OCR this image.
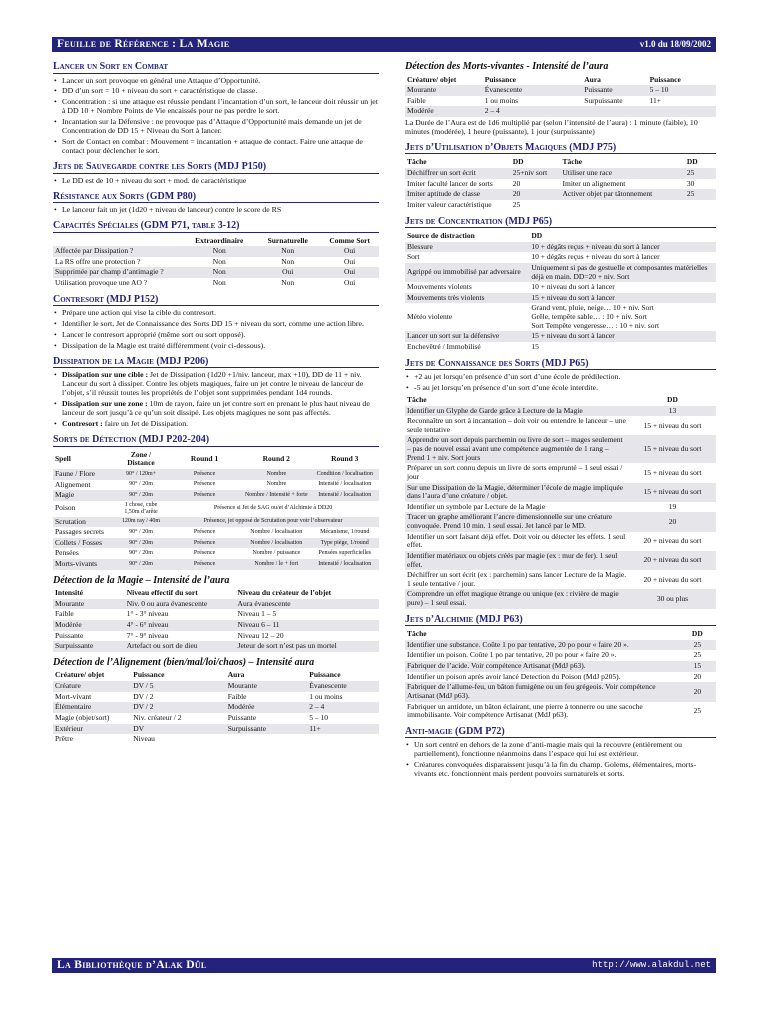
Feuille de Référence : La Magie	v1.0 du 18/09/2002
Lancer un Sort en Combat
• Lancer un sort provoque en général une Attaque d’Opportunité.
• DD d’un sort = 10 + niveau du sort + caractéristique de classe.
• Concentration : si une attaque est réussie pendant l’incantation d’un sort, le lanceur doit réussir un jet à DD 10 + Nombre Points de Vie encaissés pour ne pas perdre le sort.
• Incantation sur la Défensive : ne provoque pas d’Attaque d’Opportunité mais demande un jet de Concentration de DD 15 + Niveau du Sort à lancer.
• Sort de Contact en combat : Mouvement = incantation + attaque de contact. Faire une attaque de contact pour déclencher le sort.
Jets de Sauvegarde contre les Sorts (MDJ P150)
• Le DD est de 10 + niveau du sort + mod. de caractéristique
Résistance aux Sorts (GDM P80)
• Le lanceur fait un jet (1d20 + niveau de lanceur) contre le score de RS
Capacités Spéciales (GDM P71, table 3-12)
	Extraordinaire	Surnaturelle	Comme Sort
Affectée par Dissipation ?	Non	Non	Oui
La RS offre une protection ?	Non	Non	Oui
Supprimée par champ d’antimagie ?	Non	Oui	Oui
Utilisation provoque une AO ?	Non	Non	Oui
Contresort (MDJ P152)
• Prépare une action qui vise la cible du contresort.
• Identifier le sort, Jet de Connaissance des Sorts DD 15 + niveau du sort, comme une action libre.
• Lancer le contresort approprié (même sort ou sort opposé).
• Dissipation de la Magie est traité différemment (voir ci-dessous).
Dissipation de la Magie (MDJ P206)
• Dissipation sur une cible : Jet de Dissipation (1d20 +1/niv. lanceur, max +10), DD de 11 + niv. Lanceur du sort à dissiper. Contre les objets magiques, faire un jet contre le niveau de lanceur de l’objet, s’il réussit toutes les propriétés de l’objet sont supprimées pendant 1d4 rounds.
• Dissipation sur une zone : 10m de rayon, faire un jet contre sort en prenant le plus haut niveau de lanceur de sort jusqu’à ce qu’un soit dissipé. Les objets magiques ne sont pas affectés.
• Contresort : faire un Jet de Dissipation.
Sorts de Détection (MDJ P202-204)
Spell	Zone / Distance	Round 1	Round 2	Round 3
Faune / Flore	90° / 120m+	Présence	Nombre	Condition / localisation
Alignement	90° / 20m	Présence	Nombre	Intensité / localisation
Magie	90° / 20m	Présence	Nombre / Intensité + forte	Intensité / localisation
Poison	1 chose, cube 1,50m d’arête	Présence si Jet de SAG ou/et d’Alchimie à DD20		
Scrutation	120m ray / 40m	Présence, jet opposé de Scrutation pour voir l’observateur		
Passages secrets	90° / 20m	Présence	Nombre / localisation	Mécanisme, 1/round
Collets / Fosses	90° / 20m	Présence	Nombre / localisation	Type piège, 1/round
Pensées	90° / 20m	Présence	Nombre / puissance	Pensées superficielles
Morts-vivants	90° / 20m	Présence	Nombre / le + fort	Intensité / localisation
Détection de la Magie – Intensité de l’aura
Intensité	Niveau effectif du sort	Niveau du créateur de l’objet
Mourante	Niv. 0 ou aura évanescente	Aura évanescente
Faible	1° - 3° niveau	Niveau 1 – 5
Modérée	4° - 6° niveau	Niveau 6 – 11
Puissante	7° - 9° niveau	Niveau 12 – 20
Surpuissante	Artefact ou sort de dieu	Jeteur de sort n’est pas un mortel
Détection de l’Alignement (bien/mal/loi/chaos) – Intensité aura
Créature/ objet	Puissance	Aura	Puissance
Créature	DV / 5	Mourante	Évanescente
Mort-vivant	DV / 2	Faible	1 ou moins
Élémentaire	DV / 2	Modérée	2 – 4
Magie (objet/sort)	Niv. créateur / 2	Puissante	5 – 10
Extérieur	DV	Surpuissante	11+
Prêtre	Niveau		
Détection des Morts-vivantes - Intensité de l’aura
Créature/ objet	Puissance	Aura	Puissance
Mourante	Évanescente	Puissante	5 – 10
Faible	1 ou moins	Surpuissante	11+
Modérée	2 – 4		

La Durée de l’Aura est de 1d6 multiplié par (selon l’intensité de l’aura) : 1 minute (faible), 10 minutes (modérée), 1 heure (puissante), 1 jour (surpuissante)

Jets d’Utilisation d’Objets Magiques (MDJ P75)
Tâche	DD	Tâche	DD
Déchiffrer un sort écrit	25+niv sort	Utiliser une race	25
Imiter faculté lancer de sorts	20	Imiter un alignement	30
Imiter aptitude de classe	20	Activer objet par tâtonnement	25
Imiter valeur caractéristique	25		
Jets de Concentration (MDJ P65)
Source de distraction	DD
Blessure	10 + dégâts reçus + niveau du sort à lancer
Sort	10 + dégâts reçus + niveau du sort à lancer
Agrippé ou immobilisé par adversaire	Uniquement si pas de gestuelle et composantes matérielles déjà en main. DD=20 + niv. Sort
Mouvements violents	10 + niveau du sort à lancer
Mouvements très violents	15 + niveau du sort à lancer
Météo violente	Grand vent, pluie, neige… 10 + niv. Sort
Grêle, tempête sable… : 10 + niv. Sort
Sort Tempête vengeresse… : 10 + niv. sort
Lancer un sort sur la défensive	15 + niveau du sort à lancer
Enchevêtré / Immobilisé	15
Jets de Connaissance des Sorts (MDJ P65)
• +2 au jet lorsqu’en présence d’un sort d’une école de prédilection.
• -5 au jet lorsqu’en présence d’un sort d’une école interdite.
Tâche	DD
Identifier un Glyphe de Garde grâce à Lecture de la Magie	13
Reconnaître un sort à incantation – doit voir ou entendre le lanceur – une seule tentative	15 + niveau du sort
Apprendre un sort depuis parchemin ou livre de sort – mages seulement – pas de nouvel essai avant une compétence augmentée de 1 rang – Prend 1 + niv. Sort jours	15 + niveau du sort
Préparer un sort connu depuis un livre de sorts emprunté – 1 seul essai / jour	15 + niveau du sort
Sur une Dissipation de la Magie, déterminer l’école de magie impliquée dans l’aura d’une créature / objet.	15 + niveau du sort
Identifier un symbole par Lecture de la Magie	19
Tracer un graphe améliorant l’ancre dimensionnelle sur une créature convoquée. Prend 10 min. 1 seul essai. Jet lancé par le MD.	20
Identifier un sort faisant déjà effet. Doit voir ou détecter les effets. 1 seul effet.	20 + niveau du sort
Identifier matériaux ou objets créés par magie (ex : mur de fer). 1 seul effet.	20 + niveau du sort
Déchiffrer un sort écrit (ex : parchemin) sans lancer Lecture de la Magie. 1 seule tentative / jour.	20 + niveau du sort
Comprendre un effet magique étrange ou unique (ex : rivière de magie pure) – 1 seul essai.	30 ou plus
Jets d’Alchimie (MDJ P63)
Tâche	DD
Identifier une substance. Coûte 1 po par tentative, 20 po pour « faire 20 ».	25
Identifier un poison. Coûte 1 po par tentative, 20 po pour « faire 20 ».	25
Fabriquer de l’acide. Voir compétence Artisanat (MdJ p63).	15
Identifier un poison après avoir lancé Detection du Poison (MdJ p205).	20
Fabriquer de l’allume-feu, un bâton fumigène ou un feu grégeois. Voir compétence Artisanat (MdJ p63).	20
Fabriquer un antidote, un bâton éclairant, une pierre à tonnerre ou une sacoche immobilisante. Voir compétence Artisanat (MdJ p63).	25
Anti-magie (GDM P72)
• Un sort centré en dehors de la zone d’anti-magie mais qui la recouvre (entièrement ou partiellement), fonctionne néanmoins dans l’espace qui lui est extérieur.
• Créatures convoquées disparaissent jusqu’à la fin du champ. Golems, élémentaires, morts-vivants etc. fonctionnent mais perdent pouvoirs surnaturels et sorts.
La Bibliothèque d’Alak Dûl	http://www.alakdul.net
